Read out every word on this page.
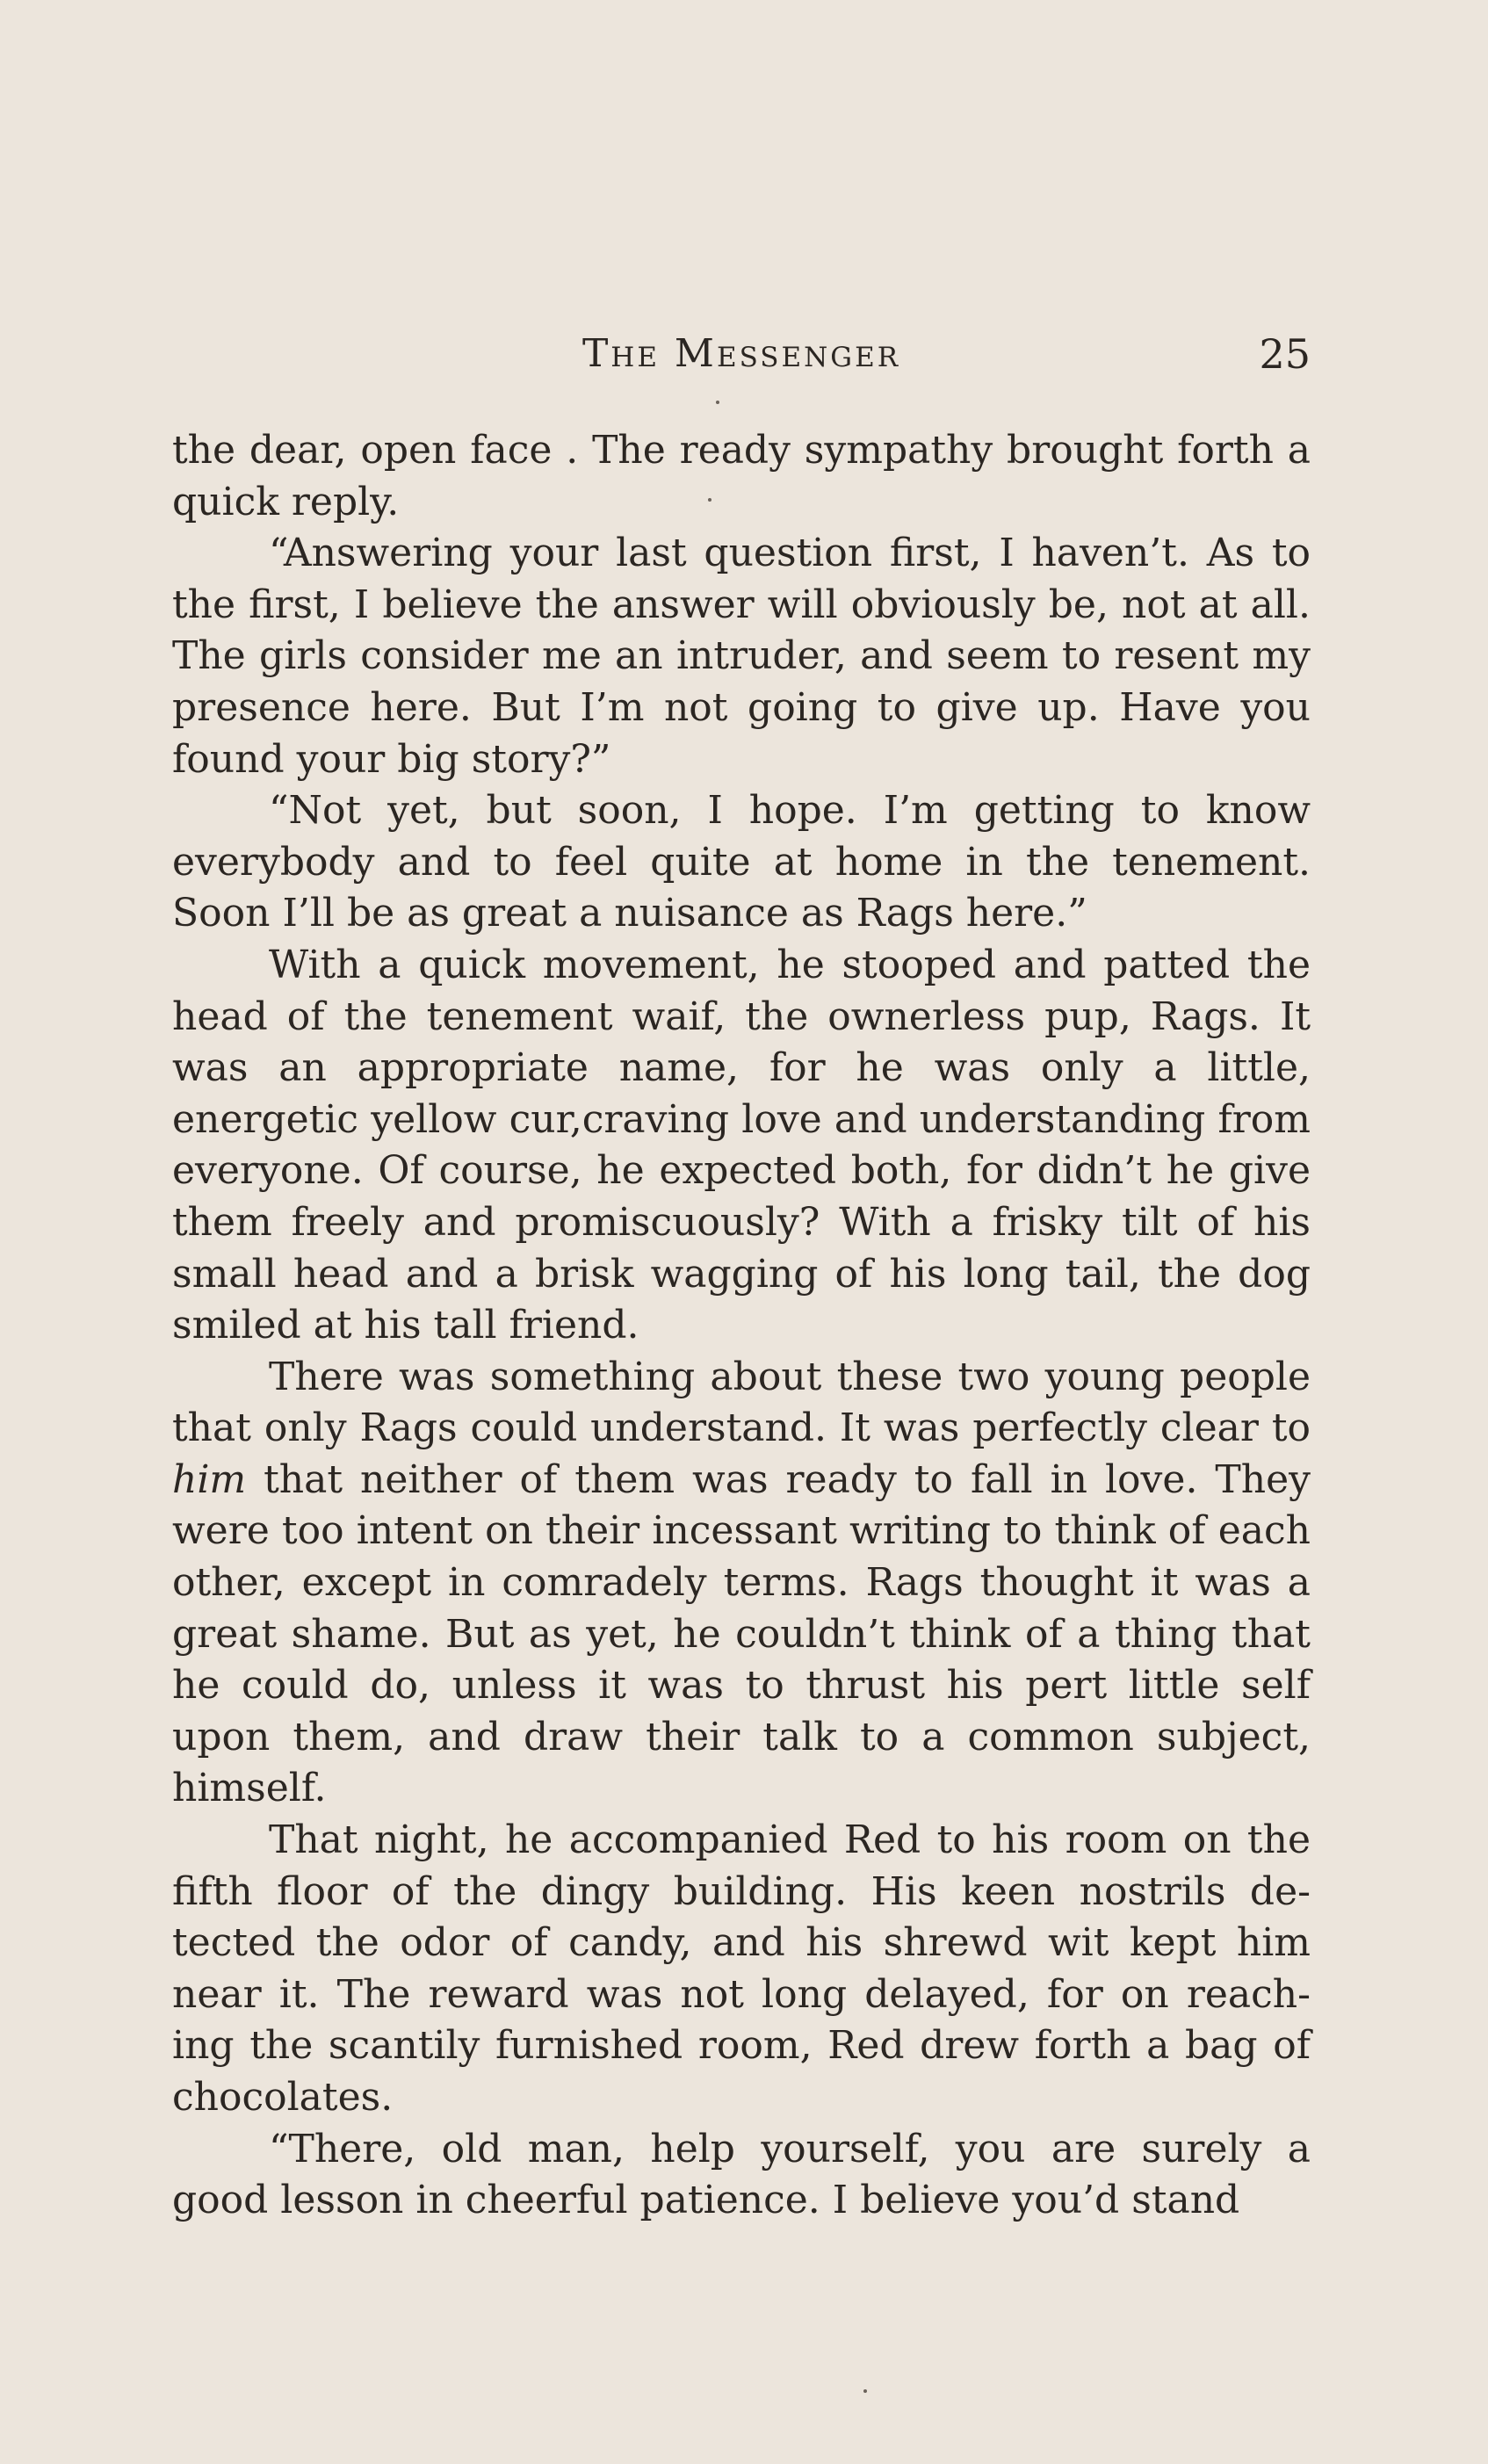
The Messenger	25

the dear, open face . The ready sympathy brought forth a quick reply.

“Answering your last question first, I haven’t. As to the first, I believe the answer will obviously be, not at all. The girls consider me an intruder, and seem to resent my presence here. But I’m not going to give up. Have you found your big story?”

“Not yet, but soon, I hope. I’m getting to know everybody and to feel quite at home in the tenement. Soon I’ll be as great a nuisance as Rags here.”

With a quick movement, he stooped and patted the head of the tenement waif, the ownerless pup, Rags. It was an appropriate name, for he was only a little, energetic yellow cur,craving love and understanding from everyone. Of course, he expected both, for didn’t he give them freely and promiscuously? With a frisky tilt of his small head and a brisk wagging of his long tail, the dog smiled at his tall friend.

There was something about these two young people that only Rags could understand. It was perfectly clear to him that neither of them was ready to fall in love. They were too intent on their incessant writing to think of each other, except in comradely terms. Rags thought it was a great shame. But as yet, he couldn’t think of a thing that he could do, unless it was to thrust his pert little self upon them, and draw their talk to a common subject, himself.

That night, he accompanied Red to his room on the fifth floor of the dingy building. His keen nostrils de-tected the odor of candy, and his shrewd wit kept him near it. The reward was not long delayed, for on reach-ing the scantily furnished room, Red drew forth a bag of chocolates.

“There, old man, help yourself, you are surely a good lesson in cheerful patience. I believe you’d stand
